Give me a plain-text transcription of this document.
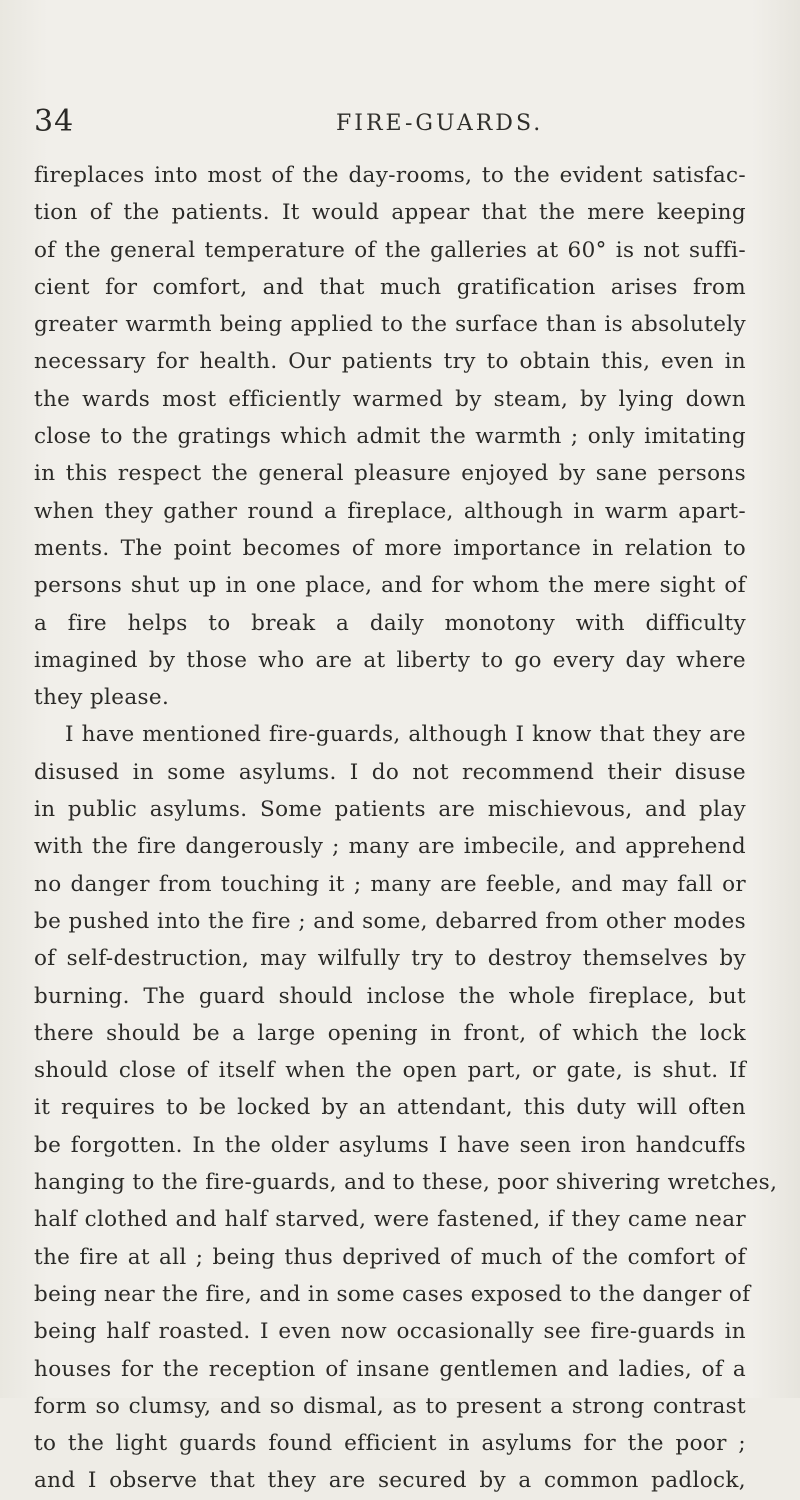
34	FIRE-GUARDS.
fireplaces into most of the day-rooms, to the evident satisfac-
tion of the patients. It would appear that the mere keeping
of the general temperature of the galleries at 60° is not suffi-
cient for comfort, and that much gratification arises from
greater warmth being applied to the surface than is absolutely
necessary for health. Our patients try to obtain this, even in
the wards most efficiently warmed by steam, by lying down
close to the gratings which admit the warmth ; only imitating
in this respect the general pleasure enjoyed by sane persons
when they gather round a fireplace, although in warm apart-
ments. The point becomes of more importance in relation to
persons shut up in one place, and for whom the mere sight of
a fire helps to break a daily monotony with difficulty
imagined by those who are at liberty to go every day where
they please.
I have mentioned fire-guards, although I know that they are
disused in some asylums. I do not recommend their disuse
in public asylums. Some patients are mischievous, and play
with the fire dangerously ; many are imbecile, and apprehend
no danger from touching it ; many are feeble, and may fall or
be pushed into the fire ; and some, debarred from other modes
of self-destruction, may wilfully try to destroy themselves by
burning. The guard should inclose the whole fireplace, but
there should be a large opening in front, of which the lock
should close of itself when the open part, or gate, is shut. If
it requires to be locked by an attendant, this duty will often
be forgotten. In the older asylums I have seen iron handcuffs
hanging to the fire-guards, and to these, poor shivering wretches,
half clothed and half starved, were fastened, if they came near
the fire at all ; being thus deprived of much of the comfort of
being near the fire, and in some cases exposed to the danger of
being half roasted. I even now occasionally see fire-guards in
houses for the reception of insane gentlemen and ladies, of a
form so clumsy, and so dismal, as to present a strong contrast
to the light guards found efficient in asylums for the poor ;
and I observe that they are secured by a common padlock,
